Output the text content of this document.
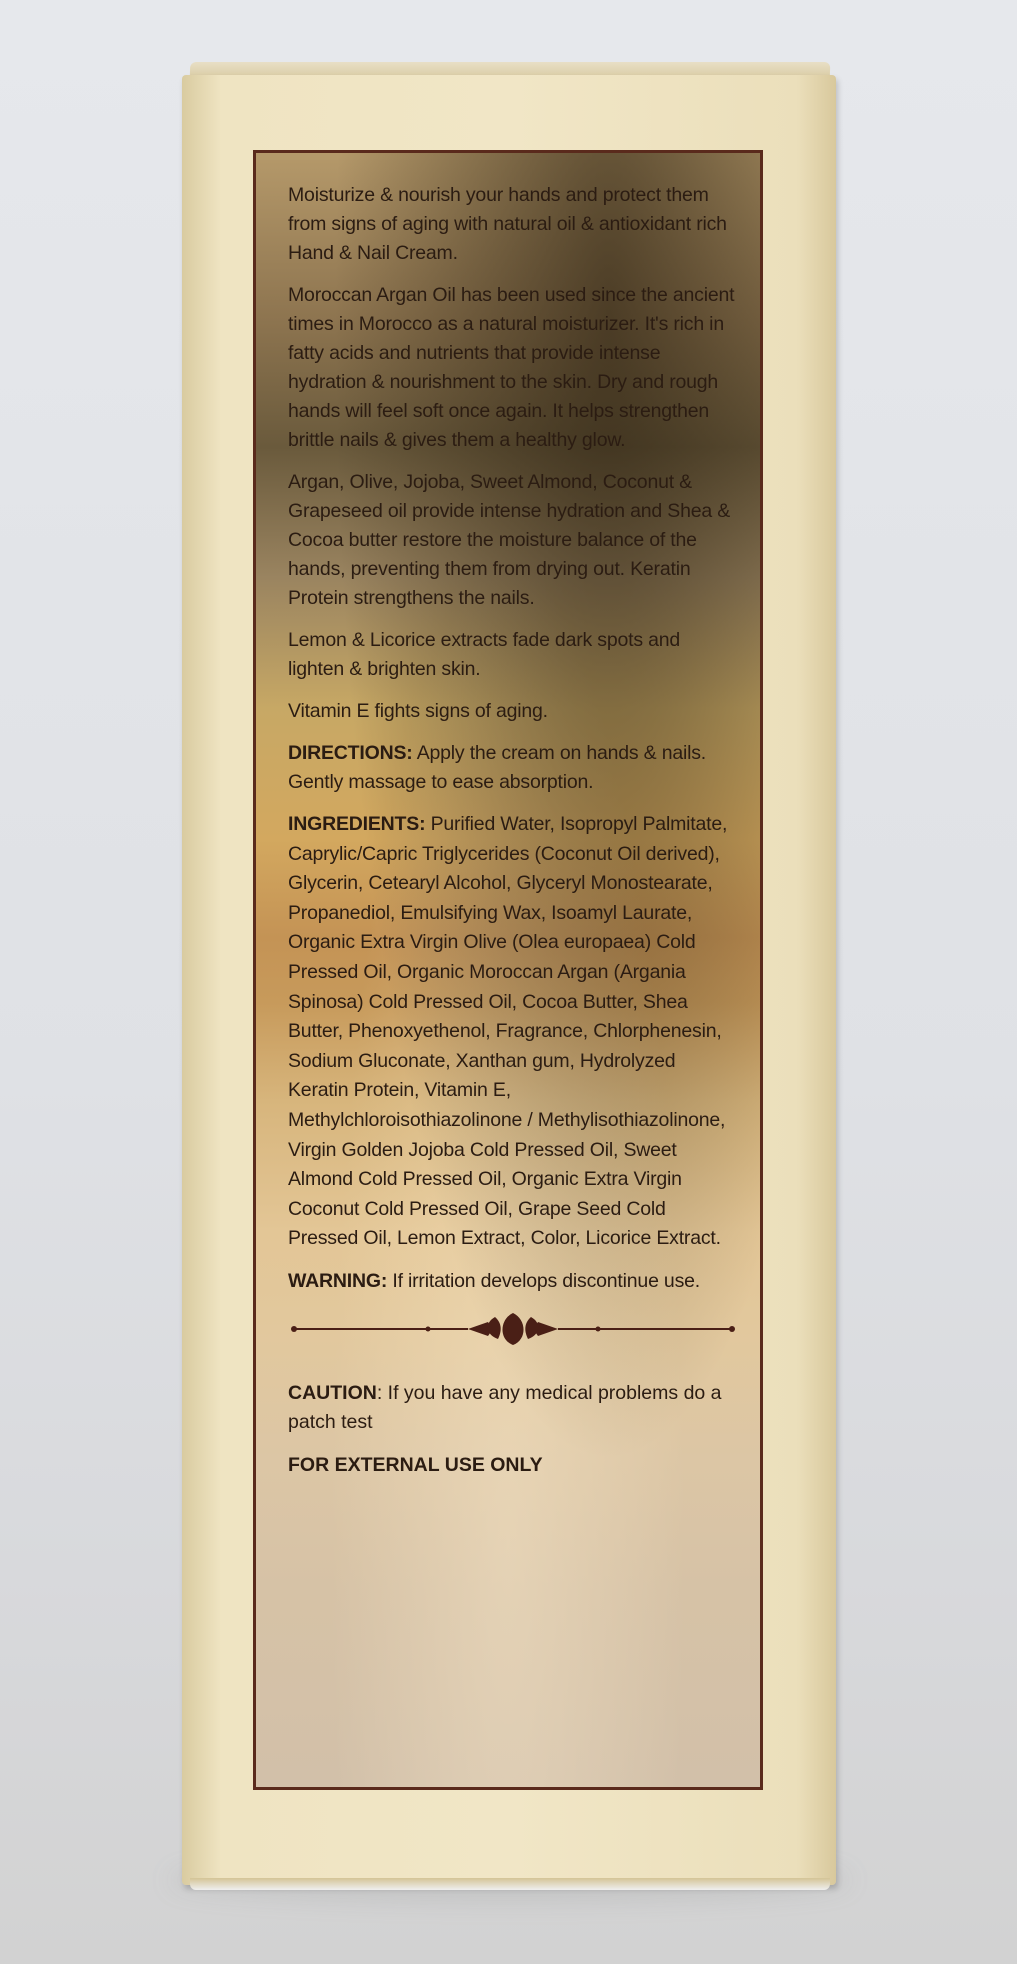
Moisturize & nourish your hands and protect them from signs of aging with natural oil & antioxidant rich Hand & Nail Cream.

Moroccan Argan Oil has been used since the ancient times in Morocco as a natural moisturizer. It's rich in fatty acids and nutrients that provide intense hydration & nourishment to the skin. Dry and rough hands will feel soft once again. It helps strengthen brittle nails & gives them a healthy glow.

Argan, Olive, Jojoba, Sweet Almond, Coconut & Grapeseed oil provide intense hydration and Shea & Cocoa butter restore the moisture balance of the hands, preventing them from drying out. Keratin Protein strengthens the nails.

Lemon & Licorice extracts fade dark spots and lighten & brighten skin.

Vitamin E fights signs of aging.

DIRECTIONS: Apply the cream on hands & nails. Gently massage to ease absorption.

INGREDIENTS: Purified Water, Isopropyl Palmitate, Caprylic/Capric Triglycerides (Coconut Oil derived), Glycerin, Cetearyl Alcohol, Glyceryl Monostearate, Propanediol, Emulsifying Wax, Isoamyl Laurate, Organic Extra Virgin Olive (Olea europaea) Cold Pressed Oil, Organic Moroccan Argan (Argania Spinosa) Cold Pressed Oil, Cocoa Butter, Shea Butter, Phenoxyethenol, Fragrance, Chlorphenesin, Sodium Gluconate, Xanthan gum, Hydrolyzed Keratin Protein, Vitamin E, Methylchloroisothiazolinone / Methylisothiazolinone, Virgin Golden Jojoba Cold Pressed Oil, Sweet Almond Cold Pressed Oil, Organic Extra Virgin Coconut Cold Pressed Oil, Grape Seed Cold Pressed Oil, Lemon Extract, Color, Licorice Extract.

WARNING: If irritation develops discontinue use.

CAUTION: If you have any medical problems do a patch test

FOR EXTERNAL USE ONLY
